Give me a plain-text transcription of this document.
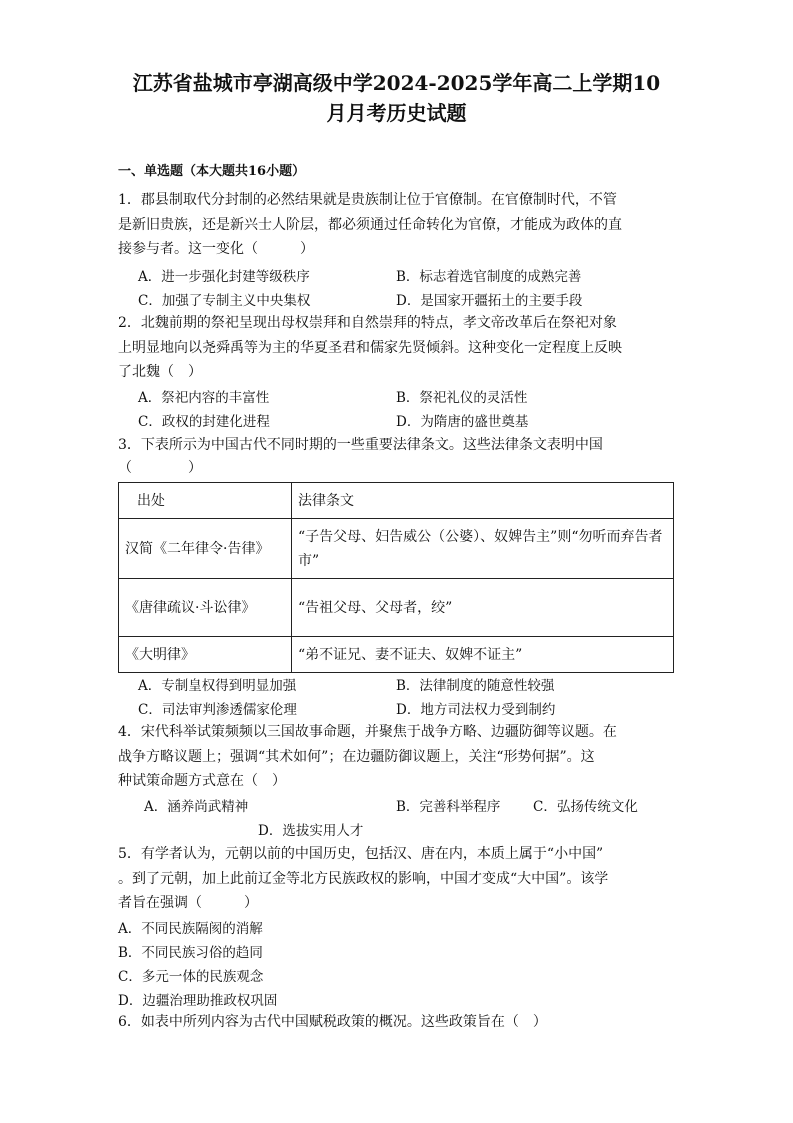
江苏省盐城市亭湖高级中学2024-2025学年高二上学期10
月月考历史试题
一、单选题（本大题共16小题）
1．郡县制取代分封制的必然结果就是贵族制让位于官僚制。在官僚制时代，不管
是新旧贵族，还是新兴士人阶层，都必须通过任命转化为官僚，才能成为政体的直
接参与者。这一变化（　　　）
A．进一步强化封建等级秩序	B．标志着选官制度的成熟完善
C．加强了专制主义中央集权	D．是国家开疆拓土的主要手段
2．北魏前期的祭祀呈现出母权崇拜和自然崇拜的特点，孝文帝改革后在祭祀对象
上明显地向以尧舜禹等为主的华夏圣君和儒家先贤倾斜。这种变化一定程度上反映
了北魏（　）
A．祭祀内容的丰富性	B．祭祀礼仪的灵活性
C．政权的封建化进程	D．为隋唐的盛世奠基
3．下表所示为中国古代不同时期的一些重要法律条文。这些法律条文表明中国
（　　　　）
出处	法律条文
汉简《二年律令·告律》	“子告父母、妇告威公（公婆）、奴婢告主”则“勿听而弃告者市”
《唐律疏议·斗讼律》	“告祖父母、父母者，绞”
《大明律》	“弟不证兄、妻不证夫、奴婢不证主”
A．专制皇权得到明显加强	B．法律制度的随意性较强
C．司法审判渗透儒家伦理	D．地方司法权力受到制约
4．宋代科举试策频频以三国故事命题，并聚焦于战争方略、边疆防御等议题。在
战争方略议题上；强调“其术如何”；在边疆防御议题上，关注“形势何据”。这
种试策命题方式意在（　）
A．涵养尚武精神	B．完善科举程序 C．弘扬传统文化
D．选拔实用人才
5．有学者认为，元朝以前的中国历史，包括汉、唐在内，本质上属于“小中国”
。到了元朝，加上此前辽金等北方民族政权的影响，中国才变成“大中国”。该学
者旨在强调（　　　）
A．不同民族隔阂的消解
B．不同民族习俗的趋同
C．多元一体的民族观念
D．边疆治理助推政权巩固
6．如表中所列内容为古代中国赋税政策的概况。这些政策旨在（　）
